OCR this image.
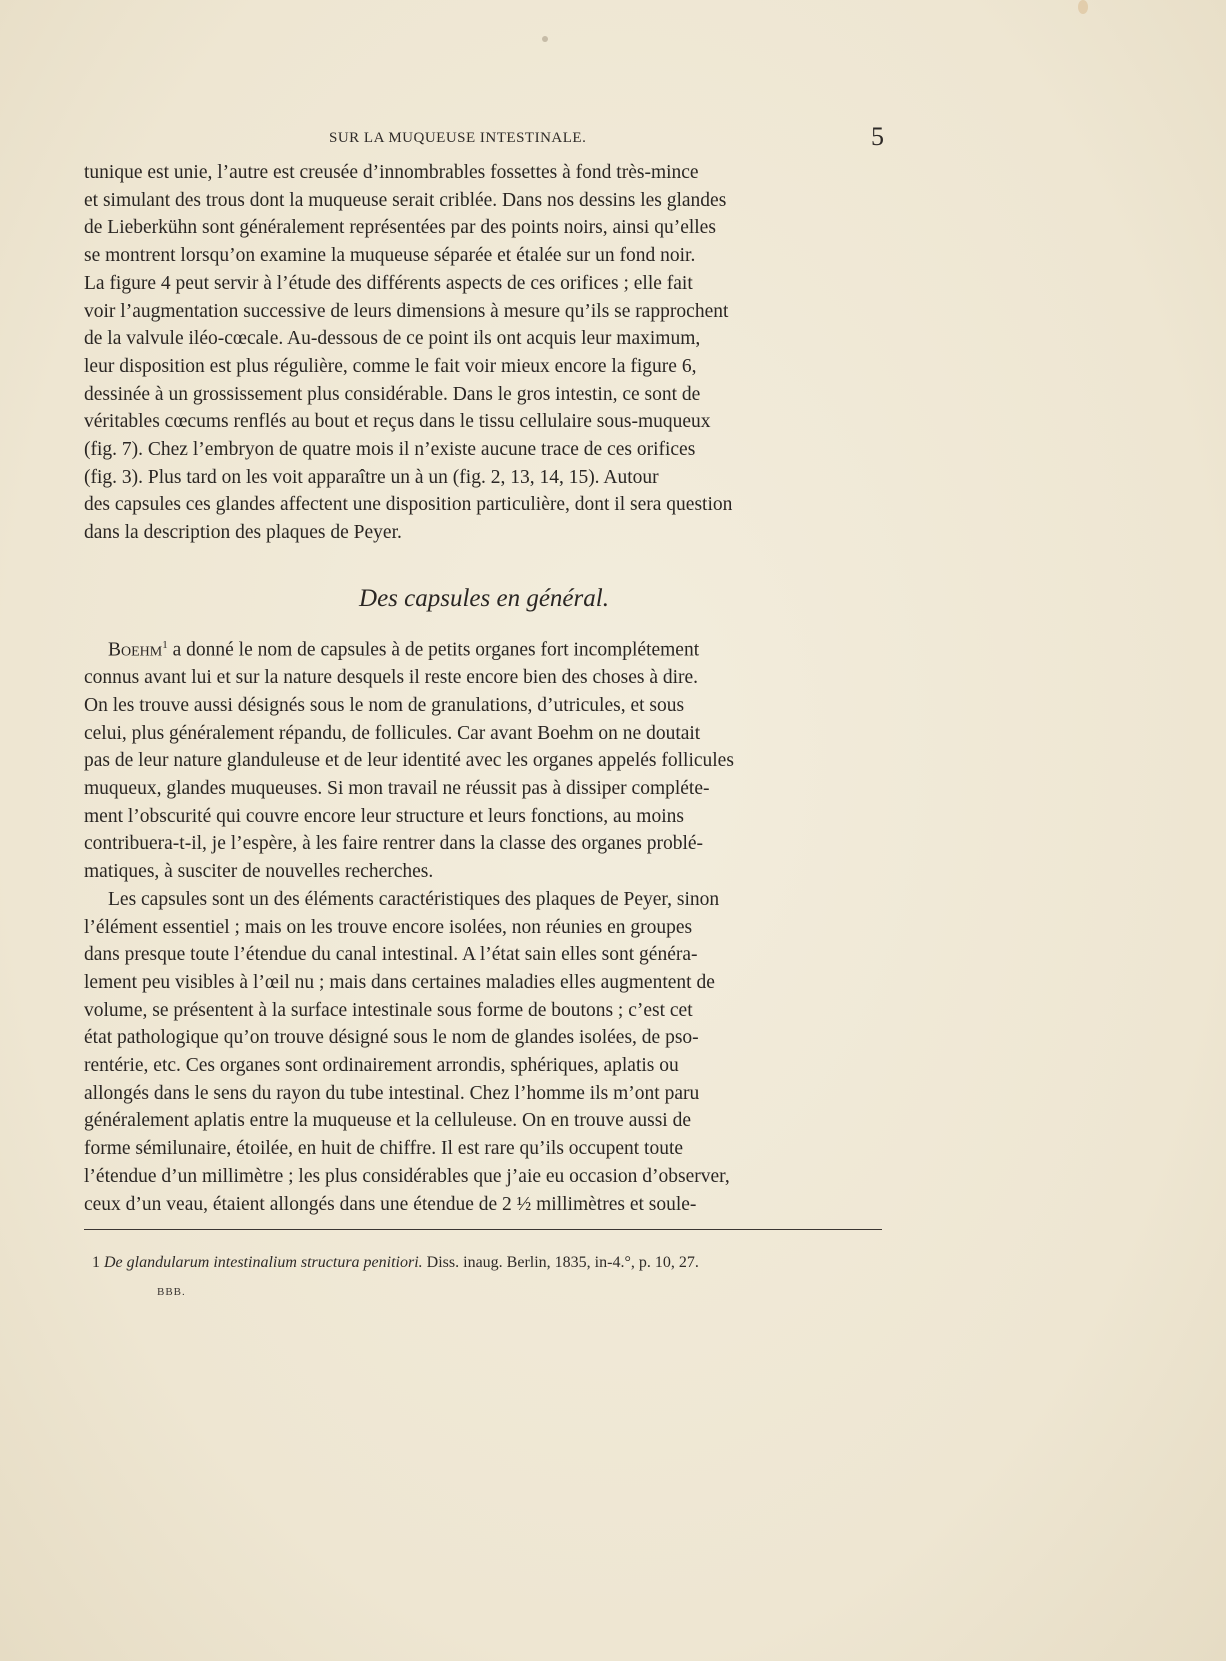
SUR LA MUQUEUSE INTESTINALE.	5
tunique est unie, l’autre est creusée d’innombrables fossettes à fond très-mince
et simulant des trous dont la muqueuse serait criblée. Dans nos dessins les glandes
de Lieberkühn sont généralement représentées par des points noirs, ainsi qu’elles
se montrent lorsqu’on examine la muqueuse séparée et étalée sur un fond noir.
La figure 4 peut servir à l’étude des différents aspects de ces orifices ; elle fait
voir l’augmentation successive de leurs dimensions à mesure qu’ils se rapprochent
de la valvule iléo-cœcale. Au-dessous de ce point ils ont acquis leur maximum,
leur disposition est plus régulière, comme le fait voir mieux encore la figure 6,
dessinée à un grossissement plus considérable. Dans le gros intestin, ce sont de
véritables cœcums renflés au bout et reçus dans le tissu cellulaire sous-muqueux
(fig. 7). Chez l’embryon de quatre mois il n’existe aucune trace de ces orifices
(fig. 3). Plus tard on les voit apparaître un à un (fig. 2, 13, 14, 15). Autour
des capsules ces glandes affectent une disposition particulière, dont il sera question
dans la description des plaques de Peyer.
Des capsules en général.
Boehm$^1$ a donné le nom de capsules à de petits organes fort incomplétement
connus avant lui et sur la nature desquels il reste encore bien des choses à dire.
On les trouve aussi désignés sous le nom de granulations, d’utricules, et sous
celui, plus généralement répandu, de follicules. Car avant Boehm on ne doutait
pas de leur nature glanduleuse et de leur identité avec les organes appelés follicules
muqueux, glandes muqueuses. Si mon travail ne réussit pas à dissiper compléte-
ment l’obscurité qui couvre encore leur structure et leurs fonctions, au moins
contribuera-t-il, je l’espère, à les faire rentrer dans la classe des organes problé-
matiques, à susciter de nouvelles recherches.
Les capsules sont un des éléments caractéristiques des plaques de Peyer, sinon
l’élément essentiel ; mais on les trouve encore isolées, non réunies en groupes
dans presque toute l’étendue du canal intestinal. A l’état sain elles sont généra-
lement peu visibles à l’œil nu ; mais dans certaines maladies elles augmentent de
volume, se présentent à la surface intestinale sous forme de boutons ; c’est cet
état pathologique qu’on trouve désigné sous le nom de glandes isolées, de pso-
rentérie, etc. Ces organes sont ordinairement arrondis, sphériques, aplatis ou
allongés dans le sens du rayon du tube intestinal. Chez l’homme ils m’ont paru
généralement aplatis entre la muqueuse et la celluleuse. On en trouve aussi de
forme sémilunaire, étoilée, en huit de chiffre. Il est rare qu’ils occupent toute
l’étendue d’un millimètre ; les plus considérables que j’aie eu occasion d’observer,
ceux d’un veau, étaient allongés dans une étendue de 2 ½ millimètres et soule-
1 De glandularum intestinalium structura penitiori. Diss. inaug. Berlin, 1835, in-4.°, p. 10, 27.
BBB.
